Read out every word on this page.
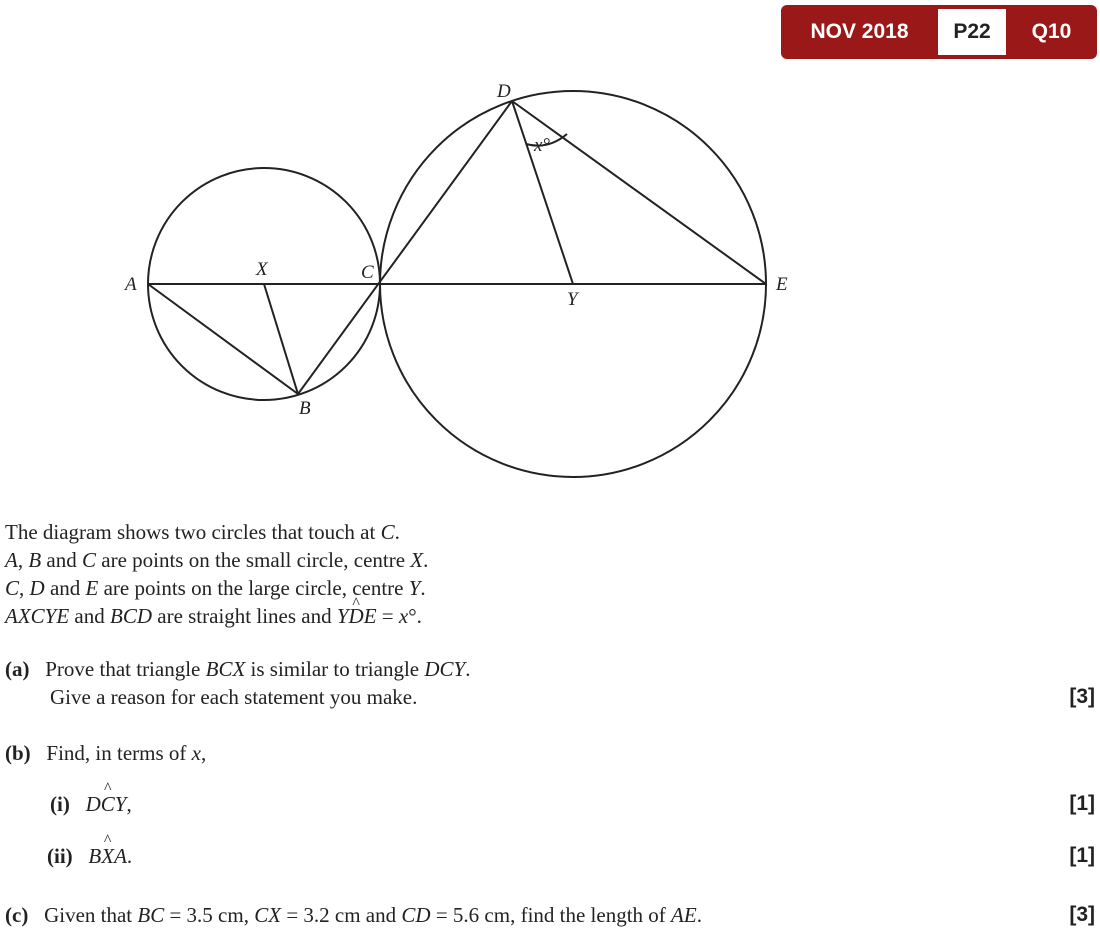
NOV 2018	P22	Q10
A
X	C
B
D
Y
E
x°
The diagram shows two circles that touch at C.
A, B and C are points on the small circle, centre X.
C, D and E are points on the large circle, centre Y.
AXCYE and BCD are straight lines and Y^ DE = x°.
(a) Prove that triangle BCX is similar to triangle DCY.
Give a reason for each statement you make.	[3]
(b) Find, in terms of x,
(i) D^ CY,	[1]
(ii) B^ XA.	[1]
(c) Given that BC = 3.5 cm, CX = 3.2 cm and CD = 5.6 cm, find the length of AE.	[3]
